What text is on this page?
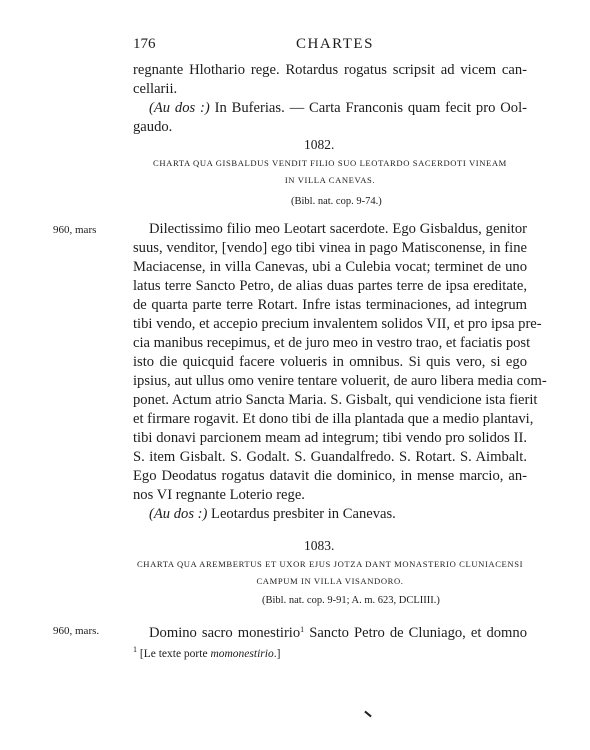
176	CHARTES
regnante Hlothario rege. Rotardus rogatus scripsit ad vicem can-
cellarii.
(Au dos :) In Buferias. — Carta Franconis quam fecit pro Ool-
gaudo.
1082.
CHARTA QUA GISBALDUS VENDIT FILIO SUO LEOTARDO SACERDOTI VINEAM
IN VILLA CANEVAS.
(Bibl. nat. cop. 9-74.)
960, mars	Dilectissimo filio meo Leotart sacerdote. Ego Gisbaldus, genitor
suus, venditor, [vendo] ego tibi vinea in pago Matisconense, in fine
Maciacense, in villa Canevas, ubi a Culebia vocat; terminet de uno
latus terre Sancto Petro, de alias duas partes terre de ipsa ereditate,
de quarta parte terre Rotart. Infre istas terminaciones, ad integrum
tibi vendo, et accepio precium invalentem solidos VII, et pro ipsa pre-
cia manibus recepimus, et de juro meo in vestro trao, et faciatis post
isto die quicquid facere volueris in omnibus. Si quis vero, si ego
ipsius, aut ullus omo venire tentare voluerit, de auro libera media com-
ponet. Actum atrio Sancta Maria. S. Gisbalt, qui vendicione ista fierit
et firmare rogavit. Et dono tibi de illa plantada que a medio plantavi,
tibi donavi parcionem meam ad integrum; tibi vendo pro solidos II.
S. item Gisbalt. S. Godalt. S. Guandalfredo. S. Rotart. S. Aimbalt.
Ego Deodatus rogatus datavit die dominico, in mense marcio, an-
nos VI regnante Loterio rege.
(Au dos :) Leotardus presbiter in Canevas.
1083.
CHARTA QUA AREMBERTUS ET UXOR EJUS JOTZA DANT MONASTERIO CLUNIACENSI
CAMPUM IN VILLA VISANDORO.
(Bibl. nat. cop. 9-91; A. m. 623, DCLIIII.)
960, mars.	Domino sacro monestirio$^1$ Sancto Petro de Cluniago, et domno
$^1$ [Le texte porte momonestirio.]
